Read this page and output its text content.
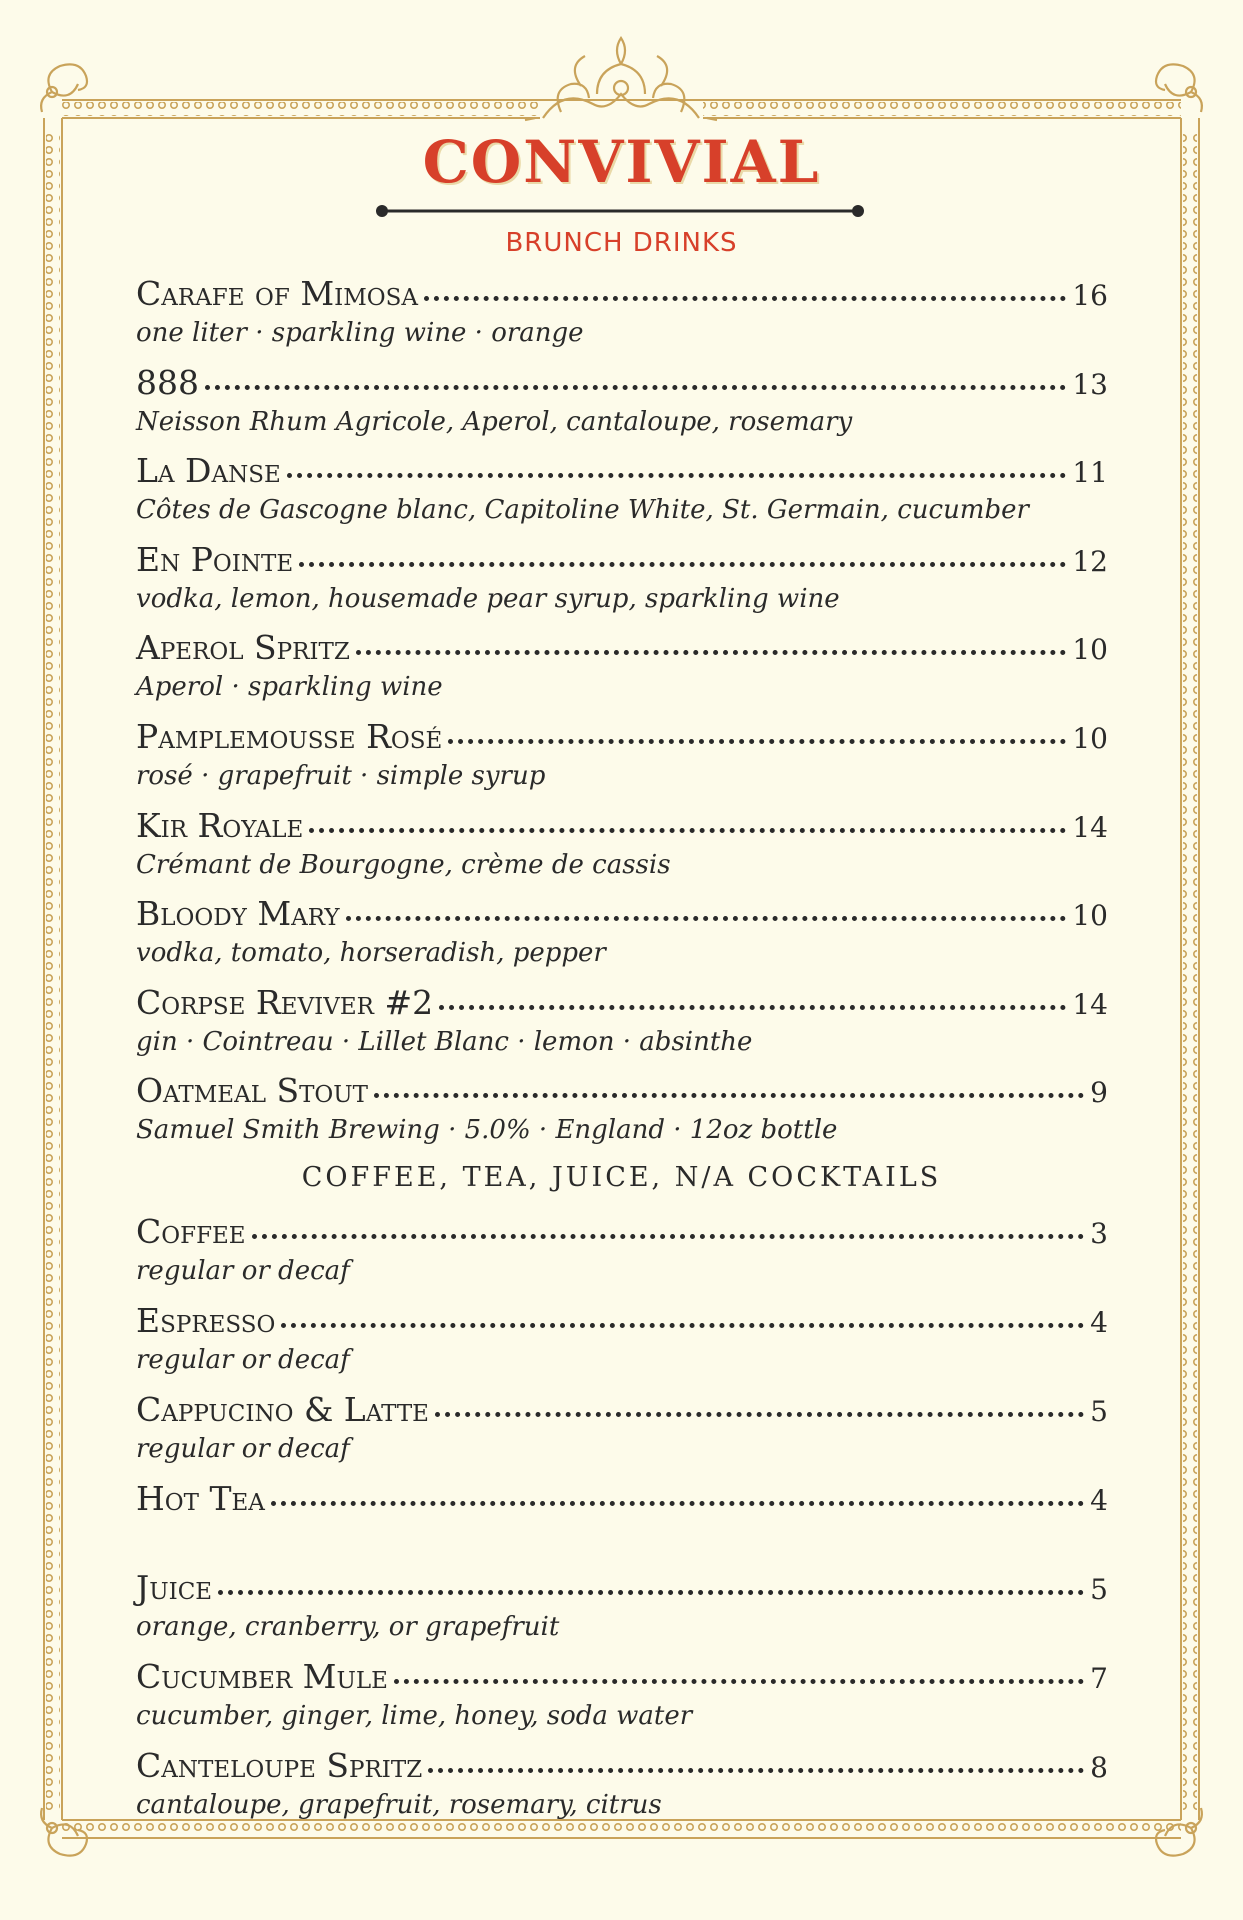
CONVIVIAL
BRUNCH DRINKS
Carafe of Mimosa	16
one liter · sparkling wine · orange
888	13
Neisson Rhum Agricole, Aperol, cantaloupe, rosemary
La Danse	11
Côtes de Gascogne blanc, Capitoline White, St. Germain, cucumber
En Pointe	12
vodka, lemon, housemade pear syrup, sparkling wine
Aperol Spritz	10
Aperol · sparkling wine
Pamplemousse Rosé	10
rosé · grapefruit · simple syrup
Kir Royale	14
Crémant de Bourgogne, crème de cassis
Bloody Mary	10
vodka, tomato, horseradish, pepper
Corpse Reviver #2	14
gin · Cointreau · Lillet Blanc · lemon · absinthe
Oatmeal Stout	9
Samuel Smith Brewing · 5.0% · England · 12oz bottle
COFFEE, TEA, JUICE, N/A COCKTAILS
Coffee	3
regular or decaf
Espresso	4
regular or decaf
Cappucino & Latte	5
regular or decaf
Hot Tea	4
Juice	5
orange, cranberry, or grapefruit
Cucumber Mule	7
cucumber, ginger, lime, honey, soda water
Canteloupe Spritz	8
cantaloupe, grapefruit, rosemary, citrus
